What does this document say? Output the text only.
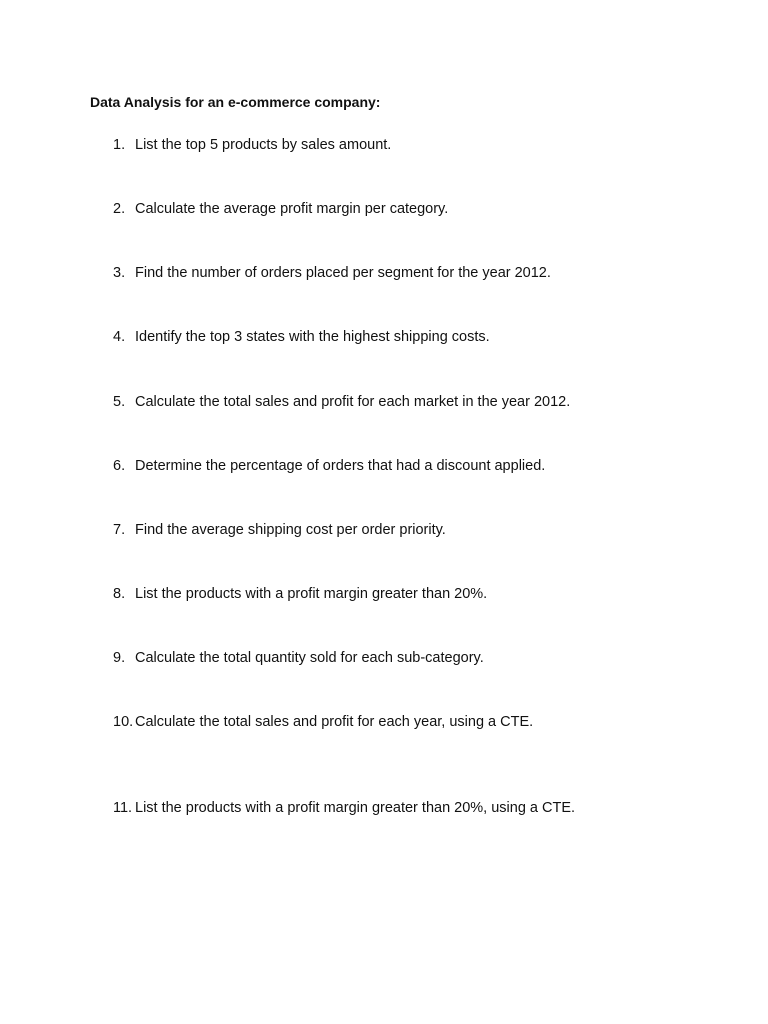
Data Analysis for an e-commerce company:
1. List the top 5 products by sales amount.
2. Calculate the average profit margin per category.
3. Find the number of orders placed per segment for the year 2012.
4. Identify the top 3 states with the highest shipping costs.
5. Calculate the total sales and profit for each market in the year 2012.
6. Determine the percentage of orders that had a discount applied.
7. Find the average shipping cost per order priority.
8. List the products with a profit margin greater than 20%.
9. Calculate the total quantity sold for each sub-category.
10. Calculate the total sales and profit for each year, using a CTE.
11. List the products with a profit margin greater than 20%, using a CTE.
